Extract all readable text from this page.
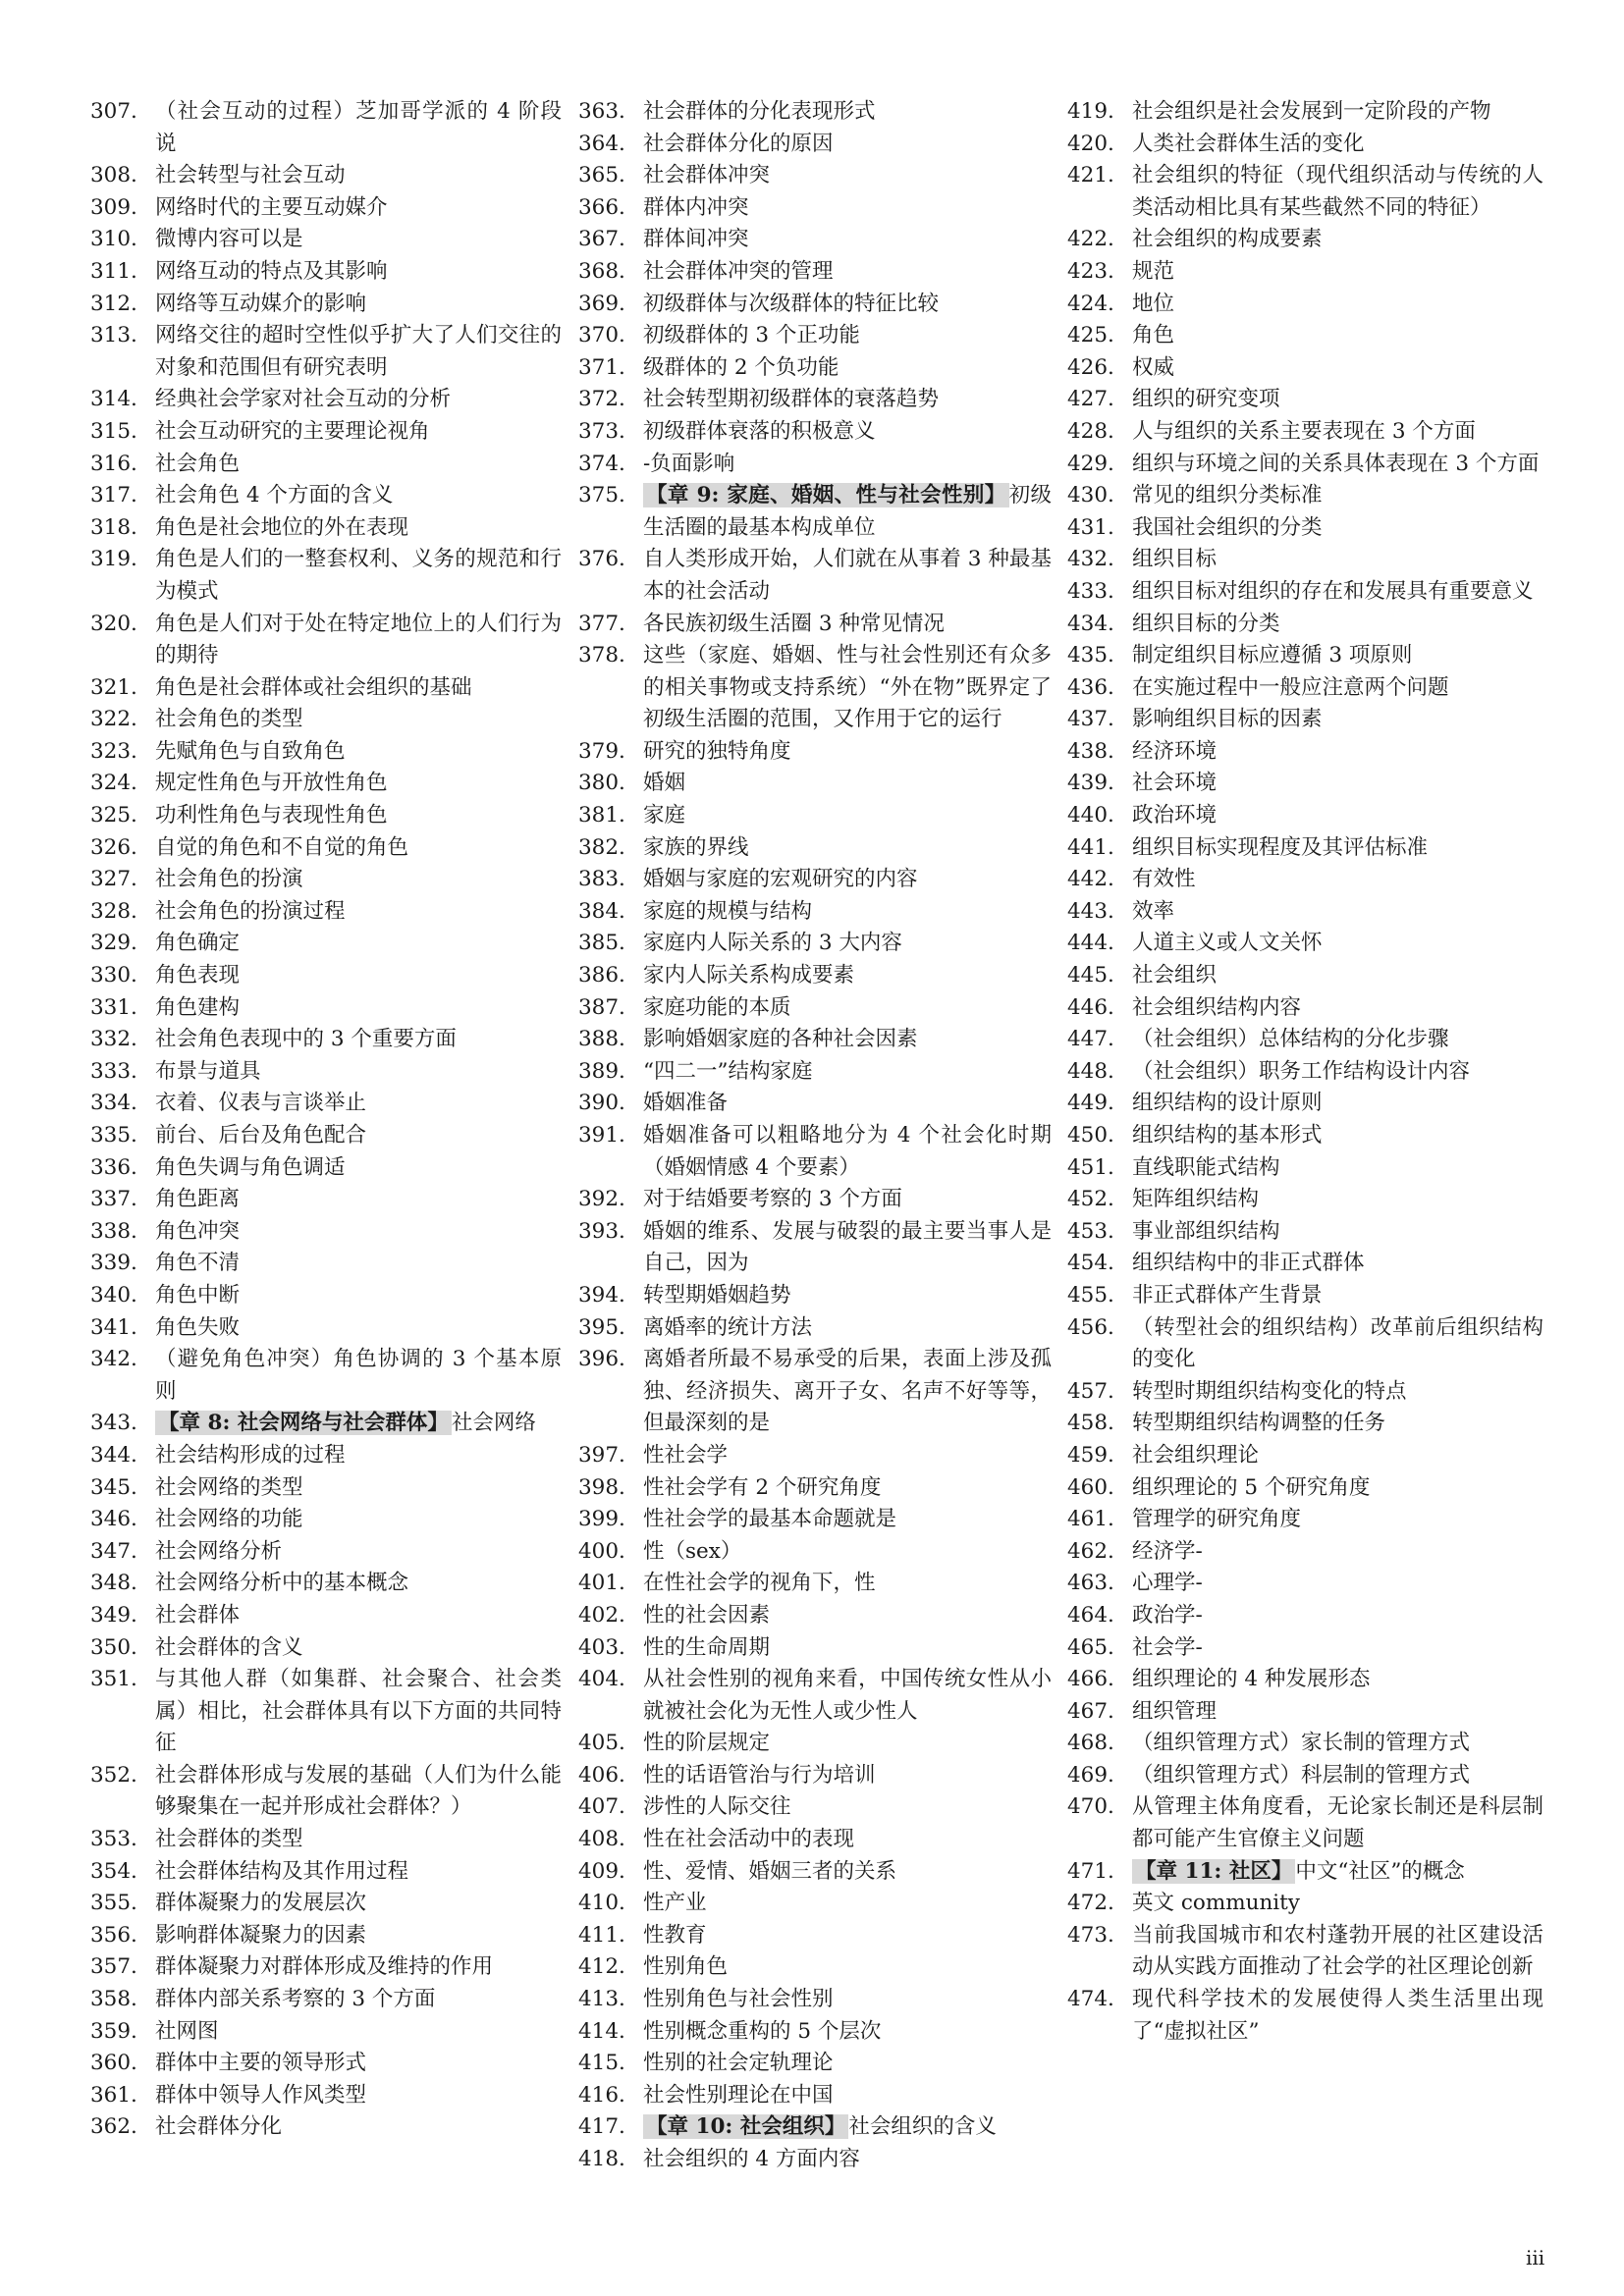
307. （社会互动的过程）芝加哥学派的 4 阶段说
308. 社会转型与社会互动
309. 网络时代的主要互动媒介
310. 微博内容可以是
311. 网络互动的特点及其影响
312. 网络等互动媒介的影响
313. 网络交往的超时空性似乎扩大了人们交往的对象和范围但有研究表明
314. 经典社会学家对社会互动的分析
315. 社会互动研究的主要理论视角
316. 社会角色
317. 社会角色 4 个方面的含义
318. 角色是社会地位的外在表现
319. 角色是人们的一整套权利、义务的规范和行为模式
320. 角色是人们对于处在特定地位上的人们行为的期待
321. 角色是社会群体或社会组织的基础
322. 社会角色的类型
323. 先赋角色与自致角色
324. 规定性角色与开放性角色
325. 功利性角色与表现性角色
326. 自觉的角色和不自觉的角色
327. 社会角色的扮演
328. 社会角色的扮演过程
329. 角色确定
330. 角色表现
331. 角色建构
332. 社会角色表现中的 3 个重要方面
333. 布景与道具
334. 衣着、仪表与言谈举止
335. 前台、后台及角色配合
336. 角色失调与角色调适
337. 角色距离
338. 角色冲突
339. 角色不清
340. 角色中断
341. 角色失败
342. （避免角色冲突）角色协调的 3 个基本原则
343. 【章 8: 社会网络与社会群体】 社会网络
344. 社会结构形成的过程
345. 社会网络的类型
346. 社会网络的功能
347. 社会网络分析
348. 社会网络分析中的基本概念
349. 社会群体
350. 社会群体的含义
351. 与其他人群（如集群、社会聚合、社会类属）相比，社会群体具有以下方面的共同特征
352. 社会群体形成与发展的基础（人们为什么能够聚集在一起并形成社会群体？）
353. 社会群体的类型
354. 社会群体结构及其作用过程
355. 群体凝聚力的发展层次
356. 影响群体凝聚力的因素
357. 群体凝聚力对群体形成及维持的作用
358. 群体内部关系考察的 3 个方面
359. 社网图
360. 群体中主要的领导形式
361. 群体中领导人作风类型
362. 社会群体分化
363. 社会群体的分化表现形式
364. 社会群体分化的原因
365. 社会群体冲突
366. 群体内冲突
367. 群体间冲突
368. 社会群体冲突的管理
369. 初级群体与次级群体的特征比较
370. 初级群体的 3 个正功能
371. 级群体的 2 个负功能
372. 社会转型期初级群体的衰落趋势
373. 初级群体衰落的积极意义
374. -负面影响
375. 【章 9: 家庭、婚姻、性与社会性别】 初级生活圈的最基本构成单位
376. 自人类形成开始，人们就在从事着 3 种最基本的社会活动
377. 各民族初级生活圈 3 种常见情况
378. 这些（家庭、婚姻、性与社会性别还有众多的相关事物或支持系统）“外在物”既界定了初级生活圈的范围，又作用于它的运行
379. 研究的独特角度
380. 婚姻
381. 家庭
382. 家族的界线
383. 婚姻与家庭的宏观研究的内容
384. 家庭的规模与结构
385. 家庭内人际关系的 3 大内容
386. 家内人际关系构成要素
387. 家庭功能的本质
388. 影响婚姻家庭的各种社会因素
389. “四二一”结构家庭
390. 婚姻准备
391. 婚姻准备可以粗略地分为 4 个社会化时期（婚姻情感 4 个要素）
392. 对于结婚要考察的 3 个方面
393. 婚姻的维系、发展与破裂的最主要当事人是自己，因为
394. 转型期婚姻趋势
395. 离婚率的统计方法
396. 离婚者所最不易承受的后果，表面上涉及孤独、经济损失、离开子女、名声不好等等，但最深刻的是
397. 性社会学
398. 性社会学有 2 个研究角度
399. 性社会学的最基本命题就是
400. 性（sex）
401. 在性社会学的视角下，性
402. 性的社会因素
403. 性的生命周期
404. 从社会性别的视角来看，中国传统女性从小就被社会化为无性人或少性人
405. 性的阶层规定
406. 性的话语管治与行为培训
407. 涉性的人际交往
408. 性在社会活动中的表现
409. 性、爱情、婚姻三者的关系
410. 性产业
411. 性教育
412. 性别角色
413. 性别角色与社会性别
414. 性别概念重构的 5 个层次
415. 性别的社会定轨理论
416. 社会性别理论在中国
417. 【章 10: 社会组织】 社会组织的含义
418. 社会组织的 4 方面内容
419. 社会组织是社会发展到一定阶段的产物
420. 人类社会群体生活的变化
421. 社会组织的特征（现代组织活动与传统的人类活动相比具有某些截然不同的特征）
422. 社会组织的构成要素
423. 规范
424. 地位
425. 角色
426. 权威
427. 组织的研究变项
428. 人与组织的关系主要表现在 3 个方面
429. 组织与环境之间的关系具体表现在 3 个方面
430. 常见的组织分类标准
431. 我国社会组织的分类
432. 组织目标
433. 组织目标对组织的存在和发展具有重要意义
434. 组织目标的分类
435. 制定组织目标应遵循 3 项原则
436. 在实施过程中一般应注意两个问题
437. 影响组织目标的因素
438. 经济环境
439. 社会环境
440. 政治环境
441. 组织目标实现程度及其评估标准
442. 有效性
443. 效率
444. 人道主义或人文关怀
445. 社会组织
446. 社会组织结构内容
447. （社会组织）总体结构的分化步骤
448. （社会组织）职务工作结构设计内容
449. 组织结构的设计原则
450. 组织结构的基本形式
451. 直线职能式结构
452. 矩阵组织结构
453. 事业部组织结构
454. 组织结构中的非正式群体
455. 非正式群体产生背景
456. （转型社会的组织结构）改革前后组织结构的变化
457. 转型时期组织结构变化的特点
458. 转型期组织结构调整的任务
459. 社会组织理论
460. 组织理论的 5 个研究角度
461. 管理学的研究角度
462. 经济学-
463. 心理学-
464. 政治学-
465. 社会学-
466. 组织理论的 4 种发展形态
467. 组织管理
468. （组织管理方式）家长制的管理方式
469. （组织管理方式）科层制的管理方式
470. 从管理主体角度看，无论家长制还是科层制都可能产生官僚主义问题
471. 【章 11: 社区】 中文“社区”的概念
472. 英文 community
473. 当前我国城市和农村蓬勃开展的社区建设活动从实践方面推动了社会学的社区理论创新
474. 现代科学技术的发展使得人类生活里出现了“虚拟社区”
iii
